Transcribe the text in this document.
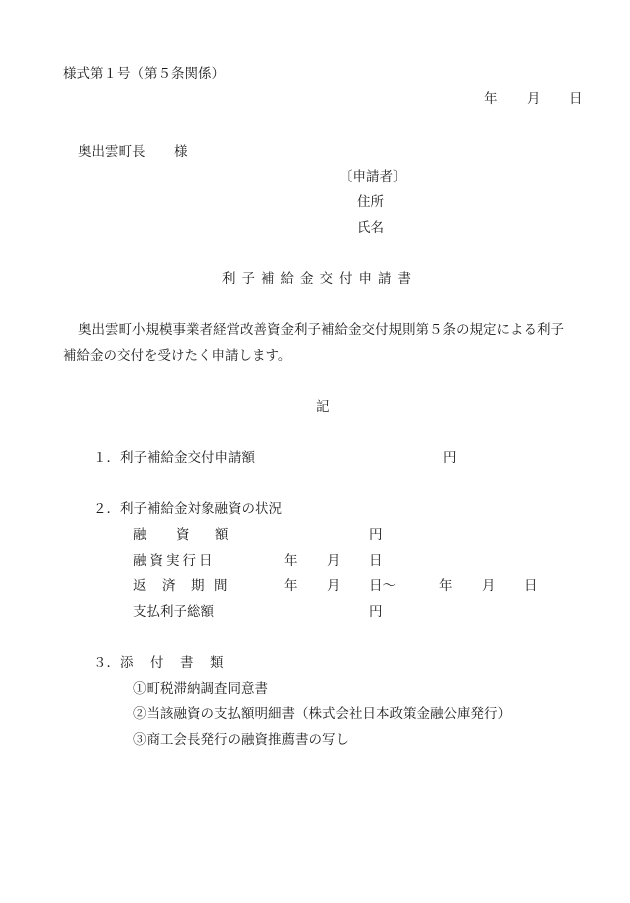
様式第１号（第５条関係）
年 月 日
奥出雲町長 様
〔申請者〕
住所
氏名
利子補給金交付申請書
奥出雲町小規模事業者経営改善資金利子補給金交付規則第５条の規定による利子
補給金の交付を受けたく申請します。
記
１．利子補給金交付申請額	円
２．利子補給金対象融資の状況
融 資 額	円
融資実行日	年 月 日
返 済 期 間	年 月 日～	年 月 日
支払利子総額	円
３． 添 付 書 類
①町税滞納調査同意書
②当該融資の支払額明細書（株式会社日本政策金融公庫発行）
③商工会長発行の融資推薦書の写し
